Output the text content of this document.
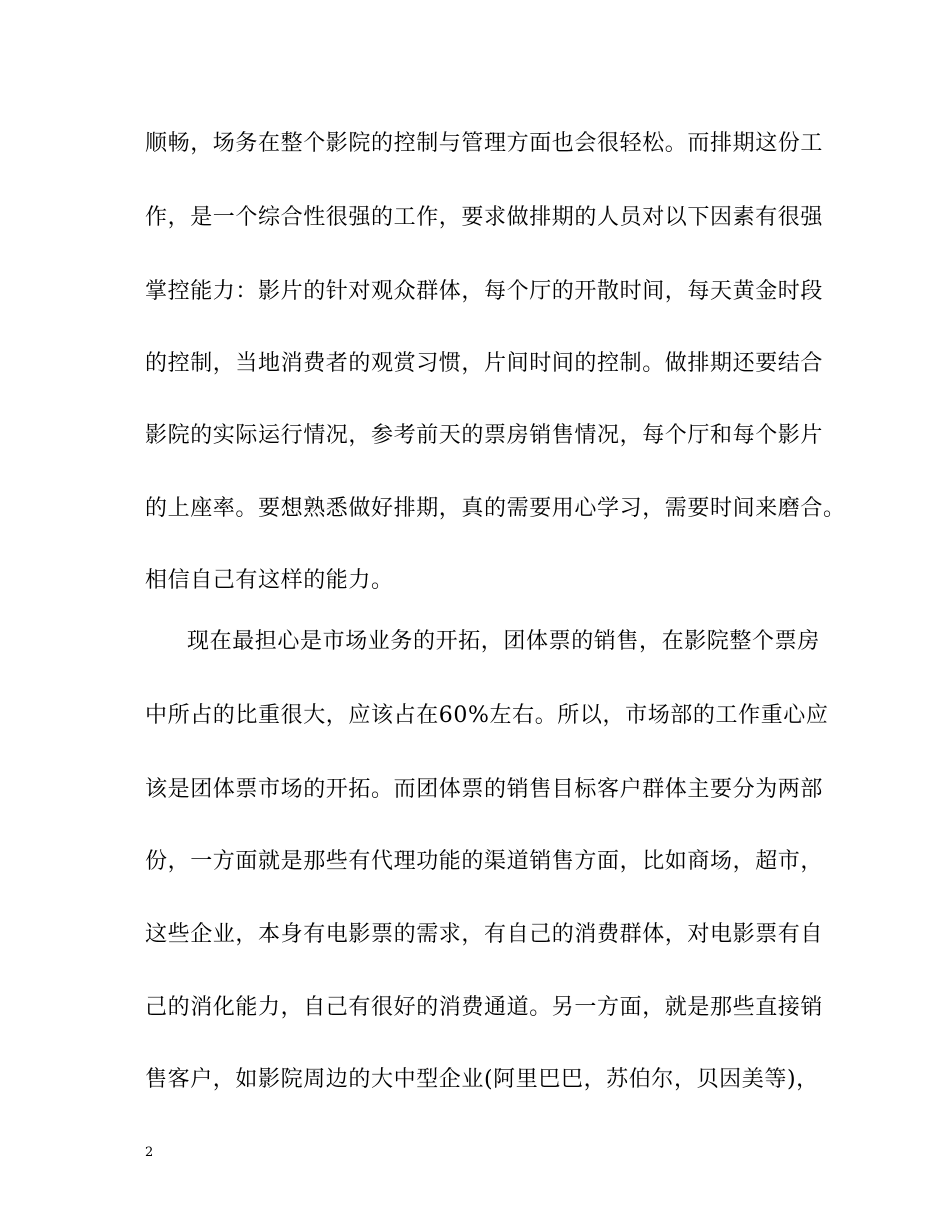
顺畅，场务在整个影院的控制与管理方面也会很轻松。而排期这份工
作，是一个综合性很强的工作，要求做排期的人员对以下因素有很强
掌控能力：影片的针对观众群体，每个厅的开散时间，每天黄金时段
的控制，当地消费者的观赏习惯，片间时间的控制。做排期还要结合
影院的实际运行情况，参考前天的票房销售情况，每个厅和每个影片
的上座率。要想熟悉做好排期，真的需要用心学习，需要时间来磨合。
相信自己有这样的能力。
现在最担心是市场业务的开拓，团体票的销售，在影院整个票房
中所占的比重很大，应该占在60%左右。所以，市场部的工作重心应
该是团体票市场的开拓。而团体票的销售目标客户群体主要分为两部
份，一方面就是那些有代理功能的渠道销售方面，比如商场，超市，
这些企业，本身有电影票的需求，有自己的消费群体，对电影票有自
己的消化能力，自己有很好的消费通道。另一方面，就是那些直接销
售客户，如影院周边的大中型企业(阿里巴巴，苏伯尔，贝因美等)，
2
